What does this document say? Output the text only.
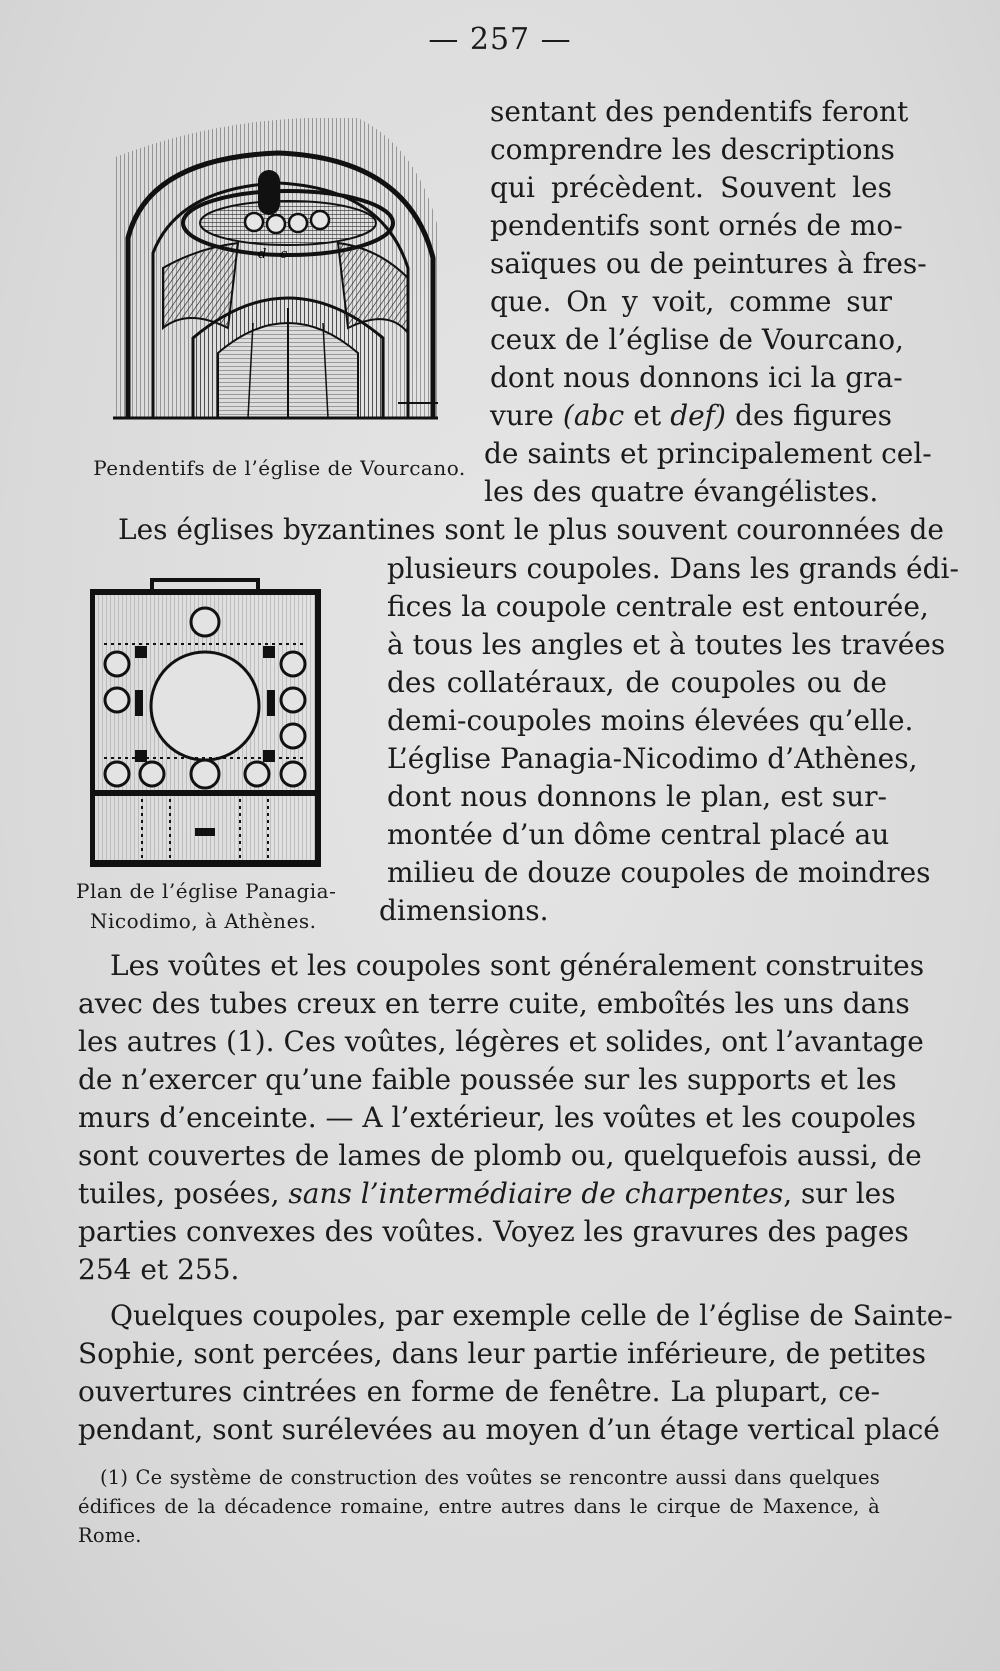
— 257 —
d c
Pendentifs de l’église de Vourcano.
Plan de l’église Panagia-
Nicodimo, à Athènes.
sentant des pendentifs feront
comprendre les descriptions
qui précèdent. Souvent les
pendentifs sont ornés de mo-
saïques ou de peintures à fres-
que. On y voit, comme sur
ceux de l’église de Vourcano,
dont nous donnons ici la gra-
vure (abc et def) des figures
de saints et principalement cel-
les des quatre évangélistes.
Les églises byzantines sont le plus souvent couronnées de
plusieurs coupoles. Dans les grands édi-
fices la coupole centrale est entourée,
à tous les angles et à toutes les travées
des collatéraux, de coupoles ou de
demi-coupoles moins élevées qu’elle.
L’église Panagia-Nicodimo d’Athènes,
dont nous donnons le plan, est sur-
montée d’un dôme central placé au
milieu de douze coupoles de moindres
dimensions.
Les voûtes et les coupoles sont généralement construites
avec des tubes creux en terre cuite, emboîtés les uns dans
les autres (1). Ces voûtes, légères et solides, ont l’avantage
de n’exercer qu’une faible poussée sur les supports et les
murs d’enceinte. — A l’extérieur, les voûtes et les coupoles
sont couvertes de lames de plomb ou, quelquefois aussi, de
tuiles, posées, sans l’intermédiaire de charpentes, sur les
parties convexes des voûtes. Voyez les gravures des pages
254 et 255.
Quelques coupoles, par exemple celle de l’église de Sainte-
Sophie, sont percées, dans leur partie inférieure, de petites
ouvertures cintrées en forme de fenêtre. La plupart, ce-
pendant, sont surélevées au moyen d’un étage vertical placé
(1) Ce système de construction des voûtes se rencontre aussi dans quelques
édifices de la décadence romaine, entre autres dans le cirque de Maxence, à
Rome.
